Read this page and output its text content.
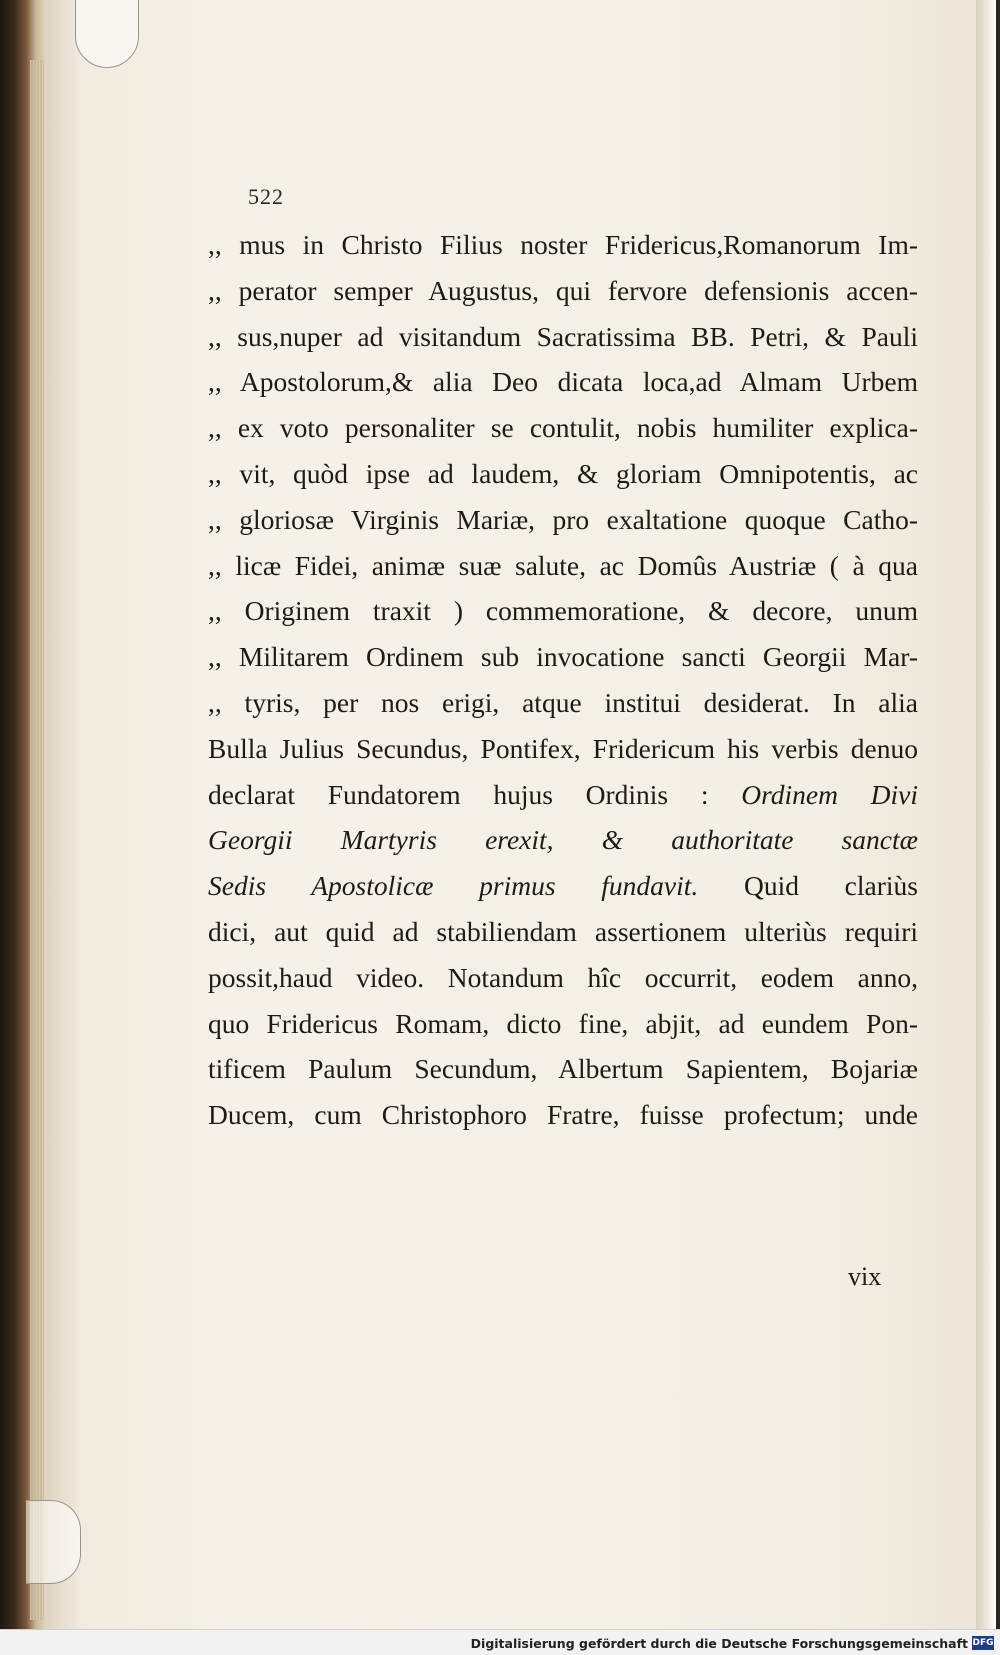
522
,, mus in Christo Filius noster Fridericus,Romanorum Im-
,, perator semper Augustus, qui fervore defensionis accen-
,, sus,nuper ad visitandum Sacratissima BB. Petri, & Pauli
,, Apostolorum,& alia Deo dicata loca,ad Almam Urbem
,, ex voto personaliter se contulit, nobis humiliter explica-
,, vit, quòd ipse ad laudem, & gloriam Omnipotentis, ac
,, gloriosæ Virginis Mariæ, pro exaltatione quoque Catho-
,, licæ Fidei, animæ suæ salute, ac Domûs Austriæ ( à qua
,, Originem traxit ) commemoratione, & decore, unum
,, Militarem Ordinem sub invocatione sancti Georgii Mar-
,, tyris, per nos erigi, atque institui desiderat. In alia
Bulla Julius Secundus, Pontifex, Fridericum his verbis denuo
declarat Fundatorem hujus Ordinis : Ordinem Divi
Georgii Martyris erexit, & authoritate sanctæ
Sedis Apostolicæ primus fundavit. Quid clariùs
dici, aut quid ad stabiliendam assertionem ulteriùs requiri
possit,haud video. Notandum hîc occurrit, eodem anno,
quo Fridericus Romam, dicto fine, abjit, ad eundem Pon-
tificem Paulum Secundum, Albertum Sapientem, Bojariæ
Ducem, cum Christophoro Fratre, fuisse profectum; unde
vix
Digitalisierung gefördert durch die Deutsche Forschungsgemeinschaft DFG
